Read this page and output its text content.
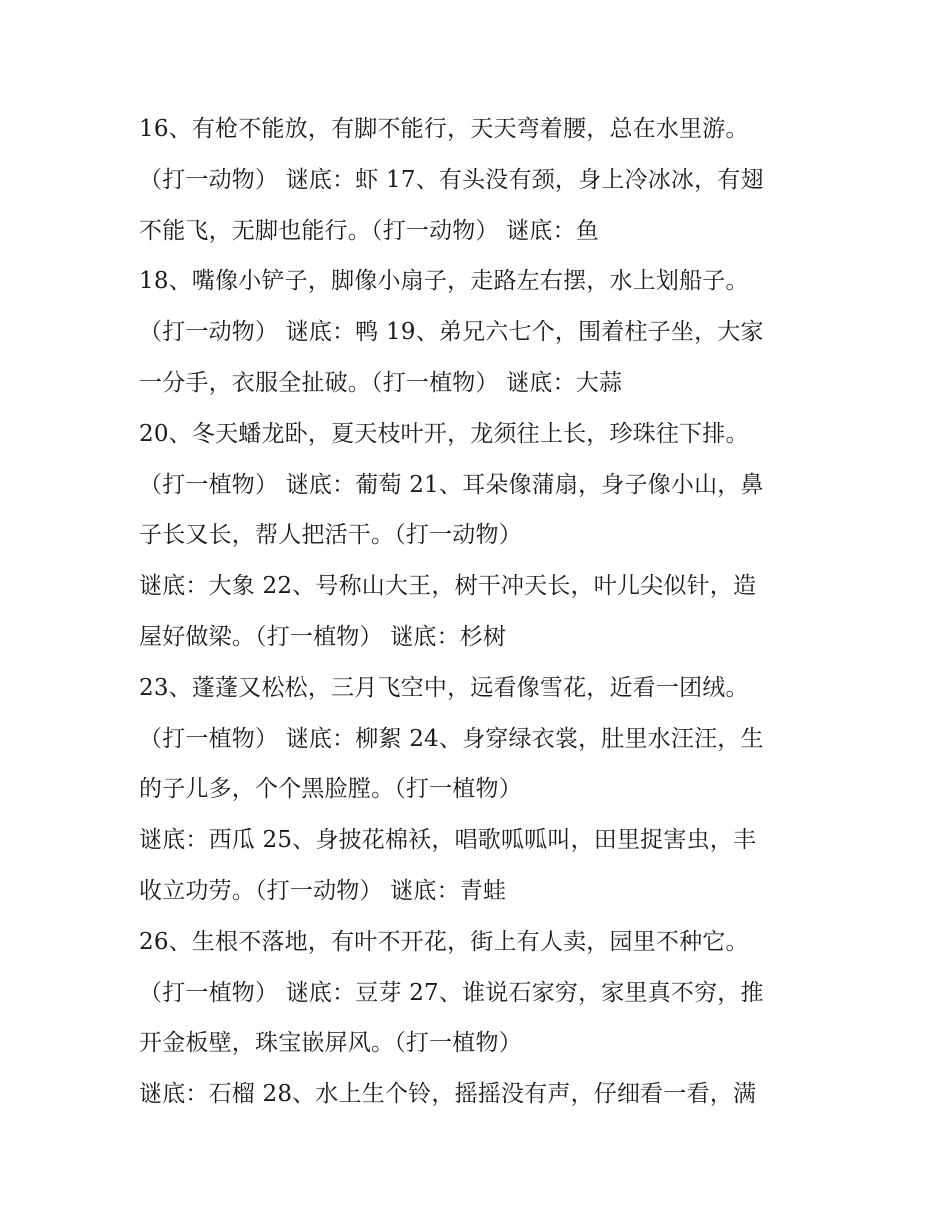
16、有枪不能放，有脚不能行，天天弯着腰，总在水里游。
（打一动物） 谜底：虾 17、有头没有颈，身上冷冰冰，有翅
不能飞，无脚也能行。（打一动物） 谜底：鱼
18、嘴像小铲子，脚像小扇子，走路左右摆，水上划船子。
（打一动物） 谜底：鸭 19、弟兄六七个，围着柱子坐，大家
一分手，衣服全扯破。（打一植物） 谜底：大蒜
20、冬天蟠龙卧，夏天枝叶开，龙须往上长，珍珠往下排。
（打一植物） 谜底：葡萄 21、耳朵像蒲扇，身子像小山，鼻
子长又长，帮人把活干。（打一动物）
谜底：大象 22、号称山大王，树干冲天长，叶儿尖似针，造
屋好做梁。（打一植物） 谜底：杉树
23、蓬蓬又松松，三月飞空中，远看像雪花，近看一团绒。
（打一植物） 谜底：柳絮 24、身穿绿衣裳，肚里水汪汪，生
的子儿多，个个黑脸膛。（打一植物）
谜底：西瓜 25、身披花棉袄，唱歌呱呱叫，田里捉害虫，丰
收立功劳。（打一动物） 谜底：青蛙
26、生根不落地，有叶不开花，街上有人卖，园里不种它。
（打一植物） 谜底：豆芽 27、谁说石家穷，家里真不穷，推
开金板壁，珠宝嵌屏风。（打一植物）
谜底：石榴 28、水上生个铃，摇摇没有声，仔细看一看，满
